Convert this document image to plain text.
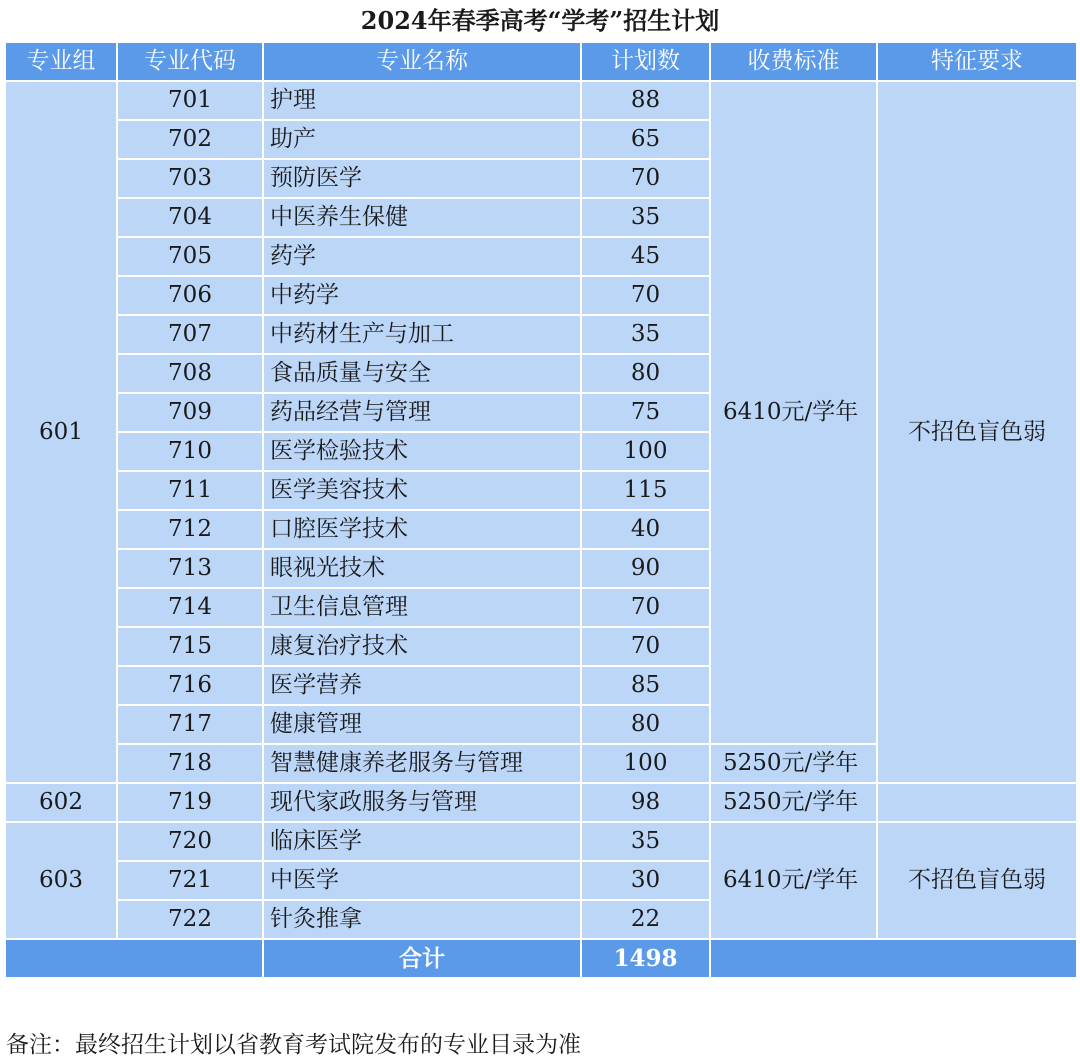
2024年春季高考“学考”招生计划
专业组	专业代码	专业名称	计划数	收费标准	特征要求
601	701	护理	88	6410元/学年	不招色盲色弱
	702	助产	65		
	703	预防医学	70		
	704	中医养生保健	35		
	705	药学	45		
	706	中药学	70		
	707	中药材生产与加工	35		
	708	食品质量与安全	80		
	709	药品经营与管理	75		
	710	医学检验技术	100		
	711	医学美容技术	115		
	712	口腔医学技术	40		
	713	眼视光技术	90		
	714	卫生信息管理	70		
	715	康复治疗技术	70		
	716	医学营养	85		
	717	健康管理	80		
	718	智慧健康养老服务与管理	100	5250元/学年	
602	719	现代家政服务与管理	98	5250元/学年	
603	720	临床医学	35	6410元/学年	不招色盲色弱
	721	中医学	30		
	722	针灸推拿	22		
		合计	1498		
备注：最终招生计划以省教育考试院发布的专业目录为准
高考直通车
